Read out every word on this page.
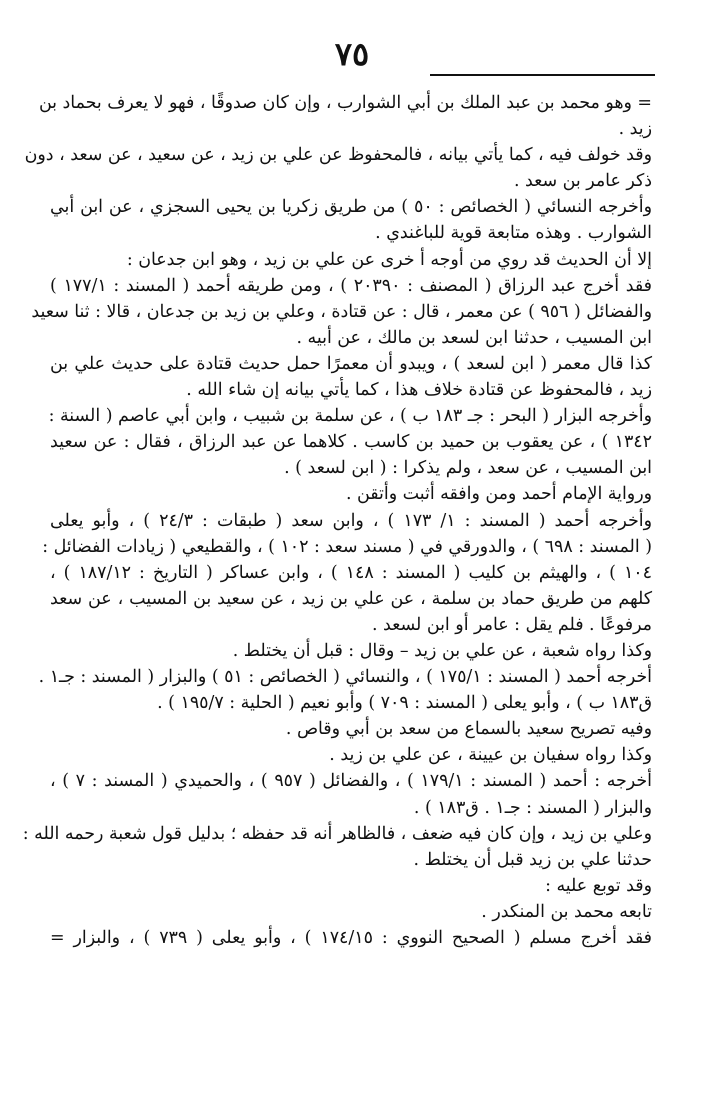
٧٥
= وهو محمد بن عبد الملك بن أبي الشوارب ، وإن كان صدوقًا ، فهو لا يعرف بحماد بن
زيد .
وقد خولف فيه ، كما يأتي بيانه ، فالمحفوظ عن علي بن زيد ، عن سعيد ، عن سعد ، دون
ذكر عامر بن سعد .
وأخرجه النسائي ( الخصائص : ٥٠ ) من طريق زكريا بن يحيى السجزي ، عن ابن أبي
الشوارب . وهذه متابعة قوية للباغندي .
إلا أن الحديث قد روي من أوجه أ خرى عن علي بن زيد ، وهو ابن جدعان :
فقد أخرج عبد الرزاق ( المصنف : ٢٠٣٩٠ ) ، ومن طريقه أحمد ( المسند : ١٧٧/١ )
والفضائل ( ٩٥٦ ) عن معمر ، قال : عن قتادة ، وعلي بن زيد بن جدعان ، قالا : ثنا سعيد
ابن المسيب ، حدثنا ابن لسعد بن مالك ، عن أبيه .
كذا قال معمر ( ابن لسعد ) ، ويبدو أن معمرًا حمل حديث قتادة على حديث علي بن
زيد ، فالمحفوظ عن قتادة خلاف هذا ، كما يأتي بيانه إن شاء الله .
وأخرجه البزار ( البحر : جـ ١٨٣ ب ) ، عن سلمة بن شبيب ، وابن أبي عاصم ( السنة :
١٣٤٢ ) ، عن يعقوب بن حميد بن كاسب . كلاهما عن عبد الرزاق ، فقال : عن سعيد
ابن المسيب ، عن سعد ، ولم يذكرا : ( ابن لسعد ) .
ورواية الإمام أحمد ومن وافقه أثبت وأتقن .
وأخرجه أحمد ( المسند : ١/ ١٧٣ ) ، وابن سعد ( طبقات : ٢٤/٣ ) ، وأبو يعلى
( المسند : ٦٩٨ ) ، والدورقي في ( مسند سعد : ١٠٢ ) ، والقطيعي ( زيادات الفضائل :
١٠٤ ) ، والهيثم بن كليب ( المسند : ١٤٨ ) ، وابن عساكر ( التاريخ : ١٨٧/١٢ ) ،
كلهم من طريق حماد بن سلمة ، عن علي بن زيد ، عن سعيد بن المسيب ، عن سعد
مرفوعًا . فلم يقل : عامر أو ابن لسعد .
وكذا رواه شعبة ، عن علي بن زيد – وقال : قبل أن يختلط .
أخرجه أحمد ( المسند : ١٧٥/١ ) ، والنسائي ( الخصائص : ٥١ ) والبزار ( المسند : جـ١ .
ق١٨٣ ب ) ، وأبو يعلى ( المسند : ٧٠٩ ) وأبو نعيم ( الحلية : ١٩٥/٧ ) .
وفيه تصريح سعيد بالسماع من سعد بن أبي وقاص .
وكذا رواه سفيان بن عيينة ، عن علي بن زيد .
أخرجه : أحمد ( المسند : ١٧٩/١ ) ، والفضائل ( ٩٥٧ ) ، والحميدي ( المسند : ٧ ) ،
والبزار ( المسند : جـ١ . ق١٨٣ ) .
وعلي بن زيد ، وإن كان فيه ضعف ، فالظاهر أنه قد حفظه ؛ بدليل قول شعبة رحمه الله :
حدثنا علي بن زيد قبل أن يختلط .
وقد توبع عليه :
تابعه محمد بن المنكدر .
فقد أخرج مسلم ( الصحيح النووي : ١٧٤/١٥ ) ، وأبو يعلى ( ٧٣٩ ) ، والبزار =
